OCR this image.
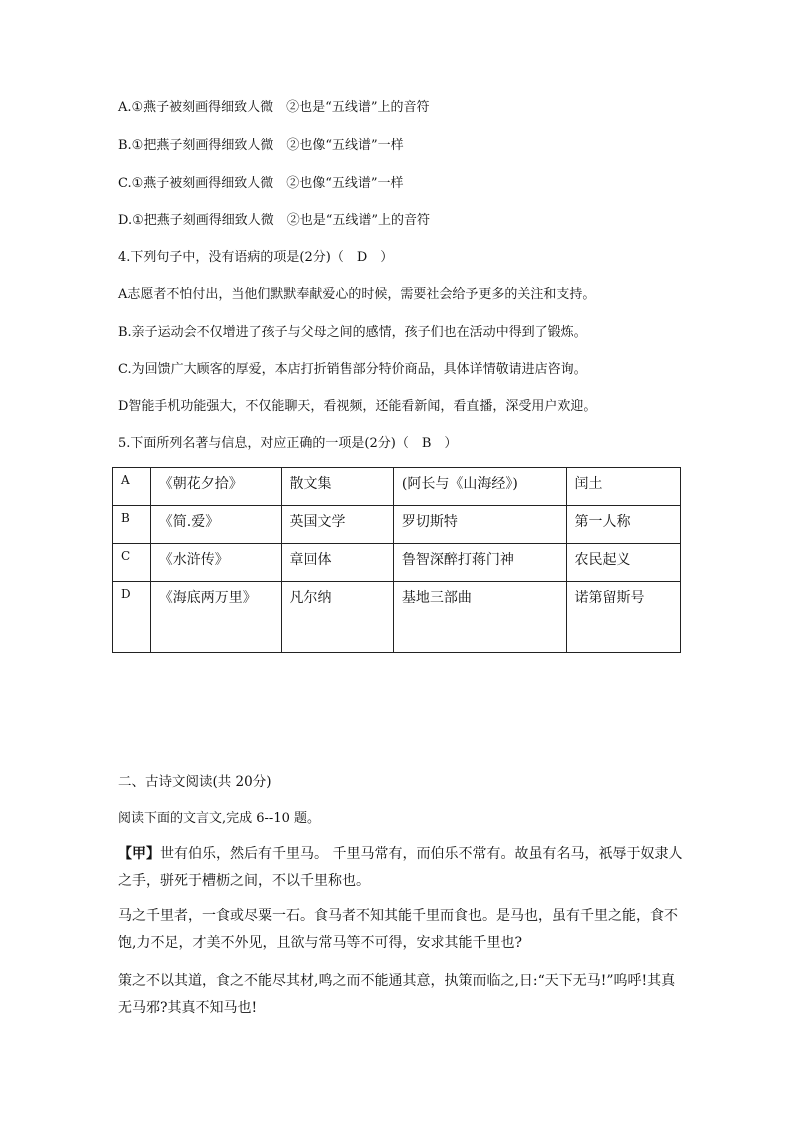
A.①燕子被刻画得细致人微　②也是“五线谱”上的音符
B.①把燕子刻画得细致人微　②也像“五线谱”一样
C.①燕子被刻画得细致人微　②也像“五线谱”一样
D.①把燕子刻画得细致人微　②也是“五线谱”上的音符
4.下列句子中，没有语病的项是(2分)（　D　）
A志愿者不怕付出，当他们默默奉献爱心的时候，需要社会给予更多的关注和支持。
B.亲子运动会不仅增进了孩子与父母之间的感情，孩子们也在活动中得到了锻炼。
C.为回馈广大顾客的厚爱，本店打折销售部分特价商品，具体详情敬请进店咨询。
D智能手机功能强大，不仅能聊天，看视频，还能看新闻，看直播，深受用户欢迎。
5.下面所列名著与信息，对应正确的一项是(2分)（　B　）
A	《朝花夕拾》	散文集	(阿长与《山海经》)	闰土
B	《简.爱》	英国文学	罗切斯特	第一人称
C	《水浒传》	章回体	鲁智深醉打蒋门神	农民起义
D	《海底两万里》	凡尔纳	基地三部曲	诺第留斯号
二、古诗文阅读(共 20分)
阅读下面的文言文,完成 6--10 题。
【甲】世有伯乐，然后有千里马。 千里马常有，而伯乐不常有。故虽有名马，祇辱于奴隶人之手，骈死于槽枥之间，不以千里称也。
马之千里者，一食或尽粟一石。食马者不知其能千里而食也。是马也，虽有千里之能，食不饱,力不足，才美不外见，且欲与常马等不可得，安求其能千里也?
策之不以其道，食之不能尽其材,鸣之而不能通其意，执策而临之,日:“天下无马!”呜呼!其真无马邪?其真不知马也!
